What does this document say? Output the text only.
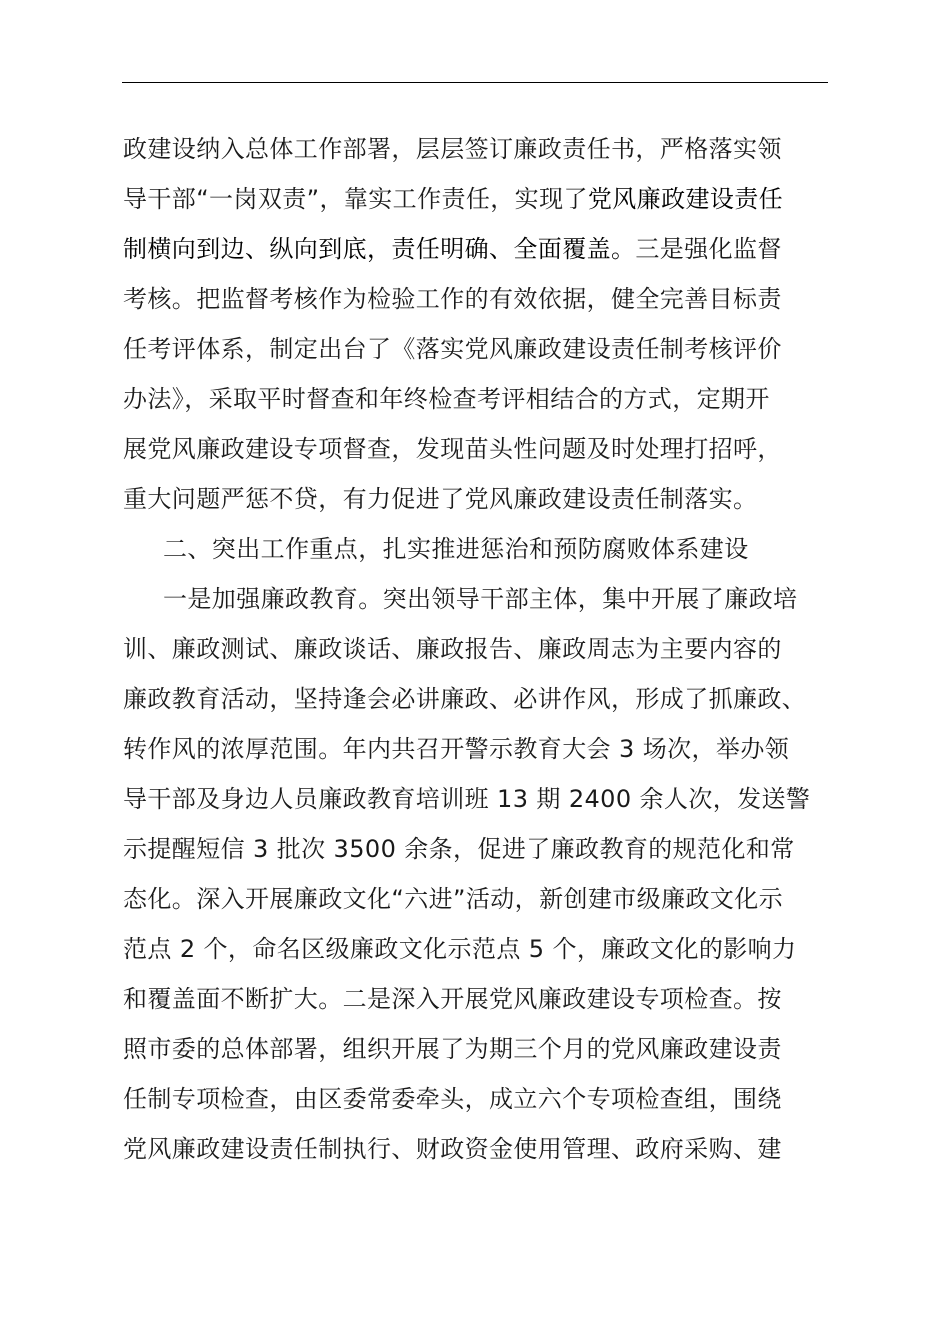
政建设纳入总体工作部署，层层签订廉政责任书，严格落实领
导干部“一岗双责”，靠实工作责任，实现了党风廉政建设责任
制横向到边、纵向到底，责任明确、全面覆盖。三是强化监督
考核。把监督考核作为检验工作的有效依据，健全完善目标责
任考评体系，制定出台了《落实党风廉政建设责任制考核评价
办法》，采取平时督查和年终检查考评相结合的方式，定期开
展党风廉政建设专项督查，发现苗头性问题及时处理打招呼，
重大问题严惩不贷，有力促进了党风廉政建设责任制落实。
二、突出工作重点，扎实推进惩治和预防腐败体系建设
一是加强廉政教育。突出领导干部主体，集中开展了廉政培
训、廉政测试、廉政谈话、廉政报告、廉政周志为主要内容的
廉政教育活动，坚持逢会必讲廉政、必讲作风，形成了抓廉政、
转作风的浓厚范围。年内共召开警示教育大会 3 场次，举办领
导干部及身边人员廉政教育培训班 13 期 2400 余人次，发送警
示提醒短信 3 批次 3500 余条，促进了廉政教育的规范化和常
态化。深入开展廉政文化“六进”活动，新创建市级廉政文化示
范点 2 个，命名区级廉政文化示范点 5 个，廉政文化的影响力
和覆盖面不断扩大。二是深入开展党风廉政建设专项检查。按
照市委的总体部署，组织开展了为期三个月的党风廉政建设责
任制专项检查，由区委常委牵头，成立六个专项检查组，围绕
党风廉政建设责任制执行、财政资金使用管理、政府采购、建
